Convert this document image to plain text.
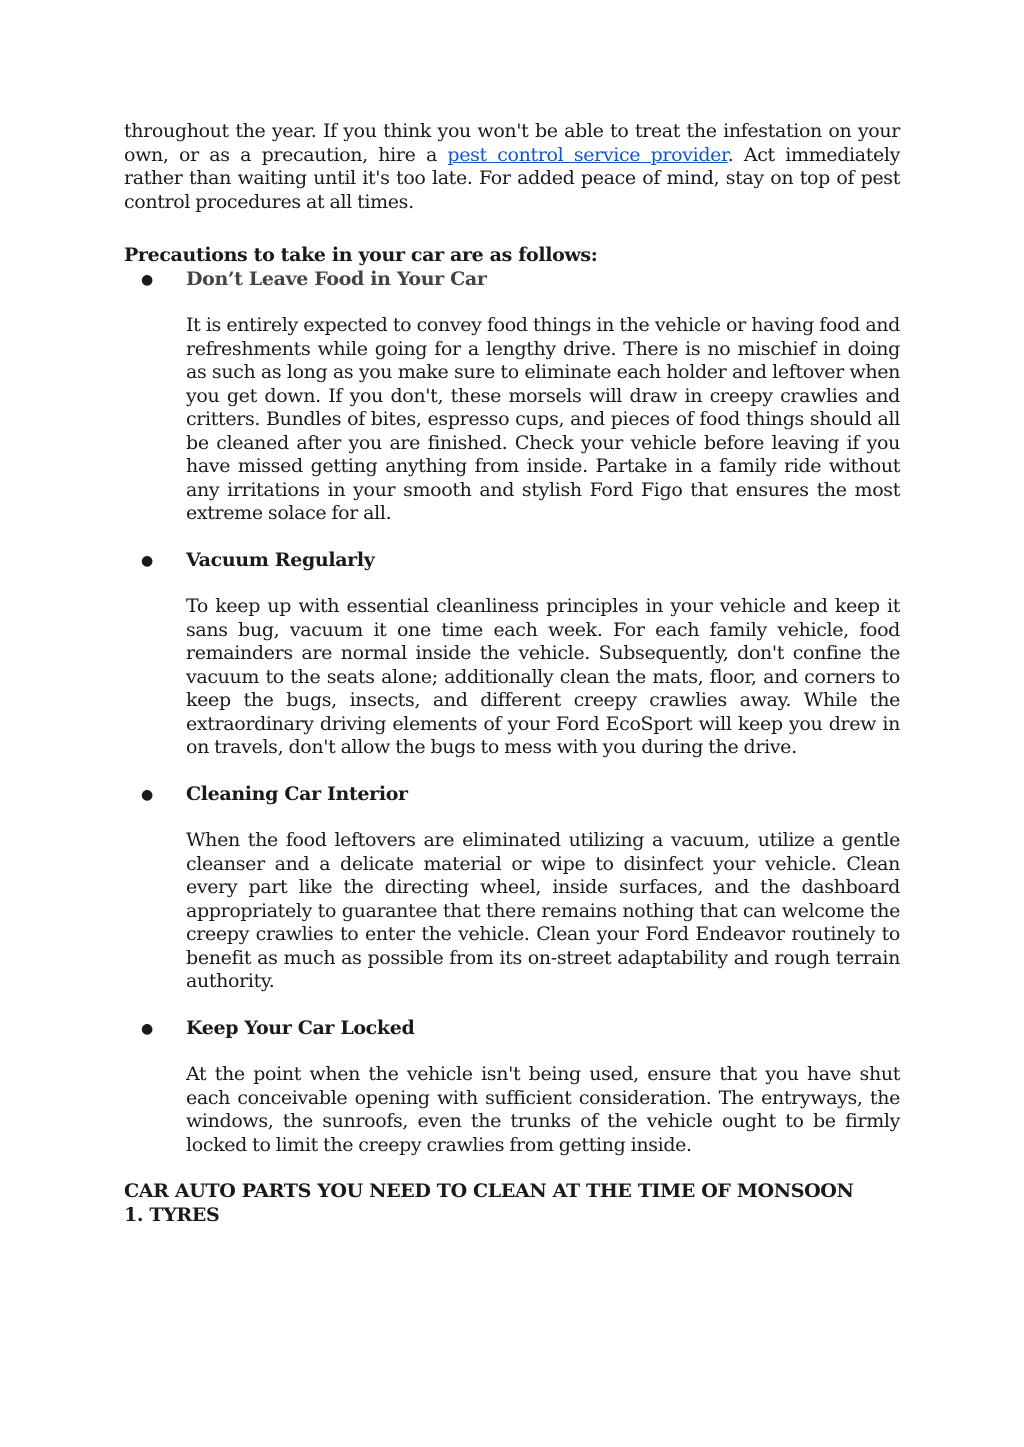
throughout the year. If you think you won't be able to treat the infestation on your own, or as a precaution, hire a pest control service provider. Act immediately rather than waiting until it's too late. For added peace of mind, stay on top of pest control procedures at all times.

Precautions to take in your car are as follows:
● Don’t Leave Food in Your Car

It is entirely expected to convey food things in the vehicle or having food and refreshments while going for a lengthy drive. There is no mischief in doing as such as long as you make sure to eliminate each holder and leftover when you get down. If you don't, these morsels will draw in creepy crawlies and critters. Bundles of bites, espresso cups, and pieces of food things should all be cleaned after you are finished. Check your vehicle before leaving if you have missed getting anything from inside. Partake in a family ride without any irritations in your smooth and stylish Ford Figo that ensures the most extreme solace for all.

● Vacuum Regularly

To keep up with essential cleanliness principles in your vehicle and keep it sans bug, vacuum it one time each week. For each family vehicle, food remainders are normal inside the vehicle. Subsequently, don't confine the vacuum to the seats alone; additionally clean the mats, floor, and corners to keep the bugs, insects, and different creepy crawlies away. While the extraordinary driving elements of your Ford EcoSport will keep you drew in on travels, don't allow the bugs to mess with you during the drive.

● Cleaning Car Interior

When the food leftovers are eliminated utilizing a vacuum, utilize a gentle cleanser and a delicate material or wipe to disinfect your vehicle. Clean every part like the directing wheel, inside surfaces, and the dashboard appropriately to guarantee that there remains nothing that can welcome the creepy crawlies to enter the vehicle. Clean your Ford Endeavor routinely to benefit as much as possible from its on-street adaptability and rough terrain authority.

● Keep Your Car Locked

At the point when the vehicle isn't being used, ensure that you have shut each conceivable opening with sufficient consideration. The entryways, the windows, the sunroofs, even the trunks of the vehicle ought to be firmly locked to limit the creepy crawlies from getting inside.

CAR AUTO PARTS YOU NEED TO CLEAN AT THE TIME OF MONSOON
1. TYRES
